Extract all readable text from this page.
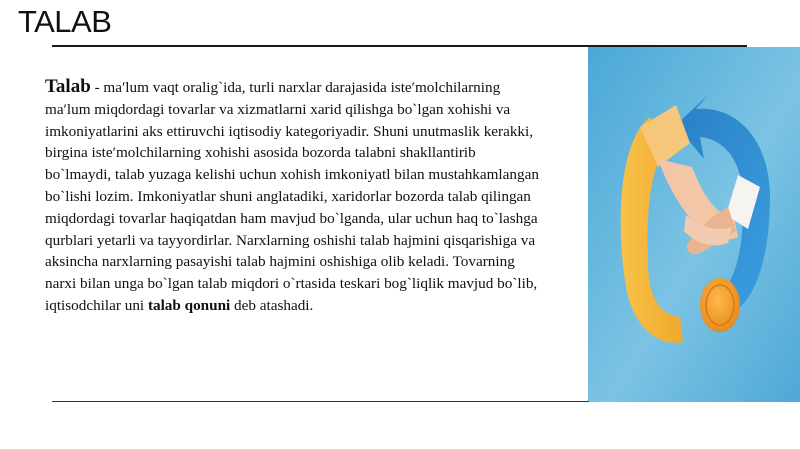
TALAB

Talab - ma′lum vaqt oralig`ida, turli narxlar darajasida iste′molchilarning ma′lum miqdordagi tovarlar va xizmatlarni xarid qilishga bo`lgan xohishi va imkoniyatlarini aks ettiruvchi iqtisodiy kategoriyadir. Shuni unutmaslik kerakki, birgina iste′molchilarning xohishi asosida bozorda talabni shakllantirib bo`lmaydi, talab yuzaga kelishi uchun xohish imkoniyatl bilan mustahkamlangan bo`lishi lozim. Imkoniyatlar shuni anglatadiki, xaridorlar bozorda talab qilingan miqdordagi tovarlar haqiqatdan ham mavjud bo`lganda, ular uchun haq to`lashga qurblari yetarli va tayyordirlar. Narxlarning oshishi talab hajmini qisqarishiga va aksincha narxlarning pasayishi talab hajmini oshishiga olib keladi. Tovarning narxi bilan unga bo`lgan talab miqdori o`rtasida teskari bog`liqlik mavjud bo`lib, iqtisodchilar uni talab qonuni deb atashadi.
